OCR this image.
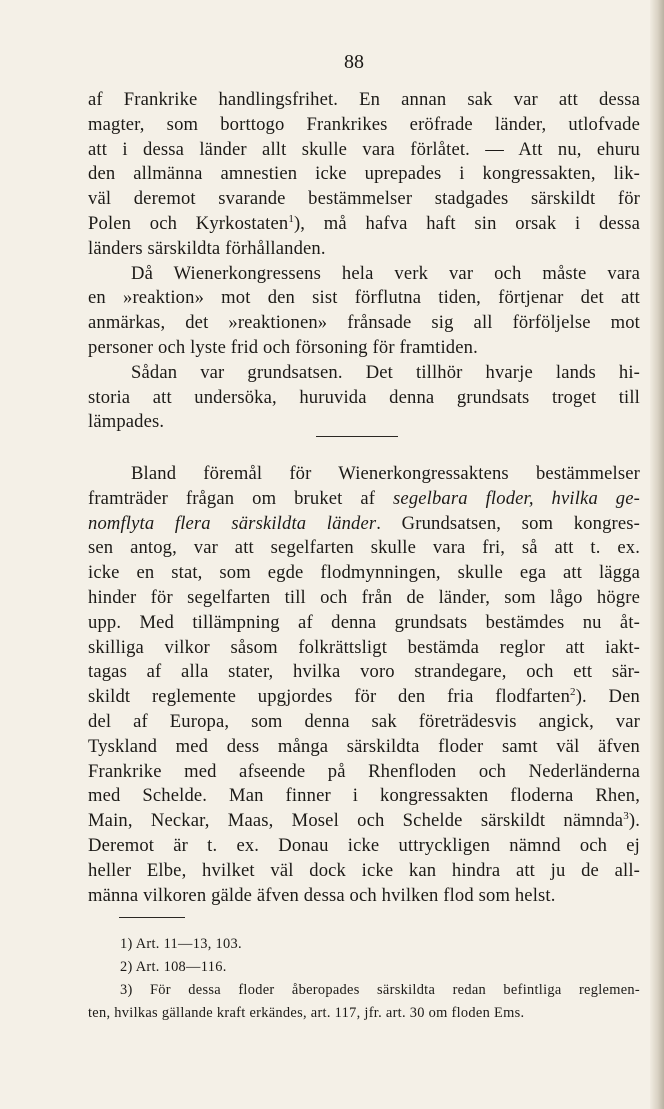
88
af Frankrike handlingsfrihet. En annan sak var att dessa
magter, som borttogo Frankrikes eröfrade länder, utlofvade
att i dessa länder allt skulle vara förlåtet. — Att nu, ehuru
den allmänna amnestien icke uprepades i kongressakten, lik-
väl deremot svarande bestämmelser stadgades särskildt för
Polen och Kyrkostaten$^1$), må hafva haft sin orsak i dessa
länders särskildta förhållanden.
Då Wienerkongressens hela verk var och måste vara
en »reaktion» mot den sist förflutna tiden, förtjenar det att
anmärkas, det »reaktionen» frånsade sig all förföljelse mot
personer och lyste frid och försoning för framtiden.
Sådan var grundsatsen. Det tillhör hvarje lands hi-
storia att undersöka, huruvida denna grundsats troget till
lämpades.
Bland föremål för Wienerkongressaktens bestämmelser
framträder frågan om bruket af segelbara floder, hvilka ge-
nomflyta flera särskildta länder. Grundsatsen, som kongres-
sen antog, var att segelfarten skulle vara fri, så att t. ex.
icke en stat, som egde flodmynningen, skulle ega att lägga
hinder för segelfarten till och från de länder, som lågo högre
upp. Med tillämpning af denna grundsats bestämdes nu åt-
skilliga vilkor såsom folkrättsligt bestämda reglor att iakt-
tagas af alla stater, hvilka voro strandegare, och ett sär-
skildt reglemente upgjordes för den fria flodfarten$^2$). Den
del af Europa, som denna sak företrädesvis angick, var
Tyskland med dess många särskildta floder samt väl äfven
Frankrike med afseende på Rhenfloden och Nederländerna
med Schelde. Man finner i kongressakten floderna Rhen,
Main, Neckar, Maas, Mosel och Schelde särskildt nämnda$^3$).
Deremot är t. ex. Donau icke uttryckligen nämnd och ej
heller Elbe, hvilket väl dock icke kan hindra att ju de all-
männa vilkoren gälde äfven dessa och hvilken flod som helst.
1) Art. 11—13, 103.
2) Art. 108—116.
3) För dessa floder åberopades särskildta redan befintliga reglemen-
ten, hvilkas gällande kraft erkändes, art. 117, jfr. art. 30 om floden Ems.
